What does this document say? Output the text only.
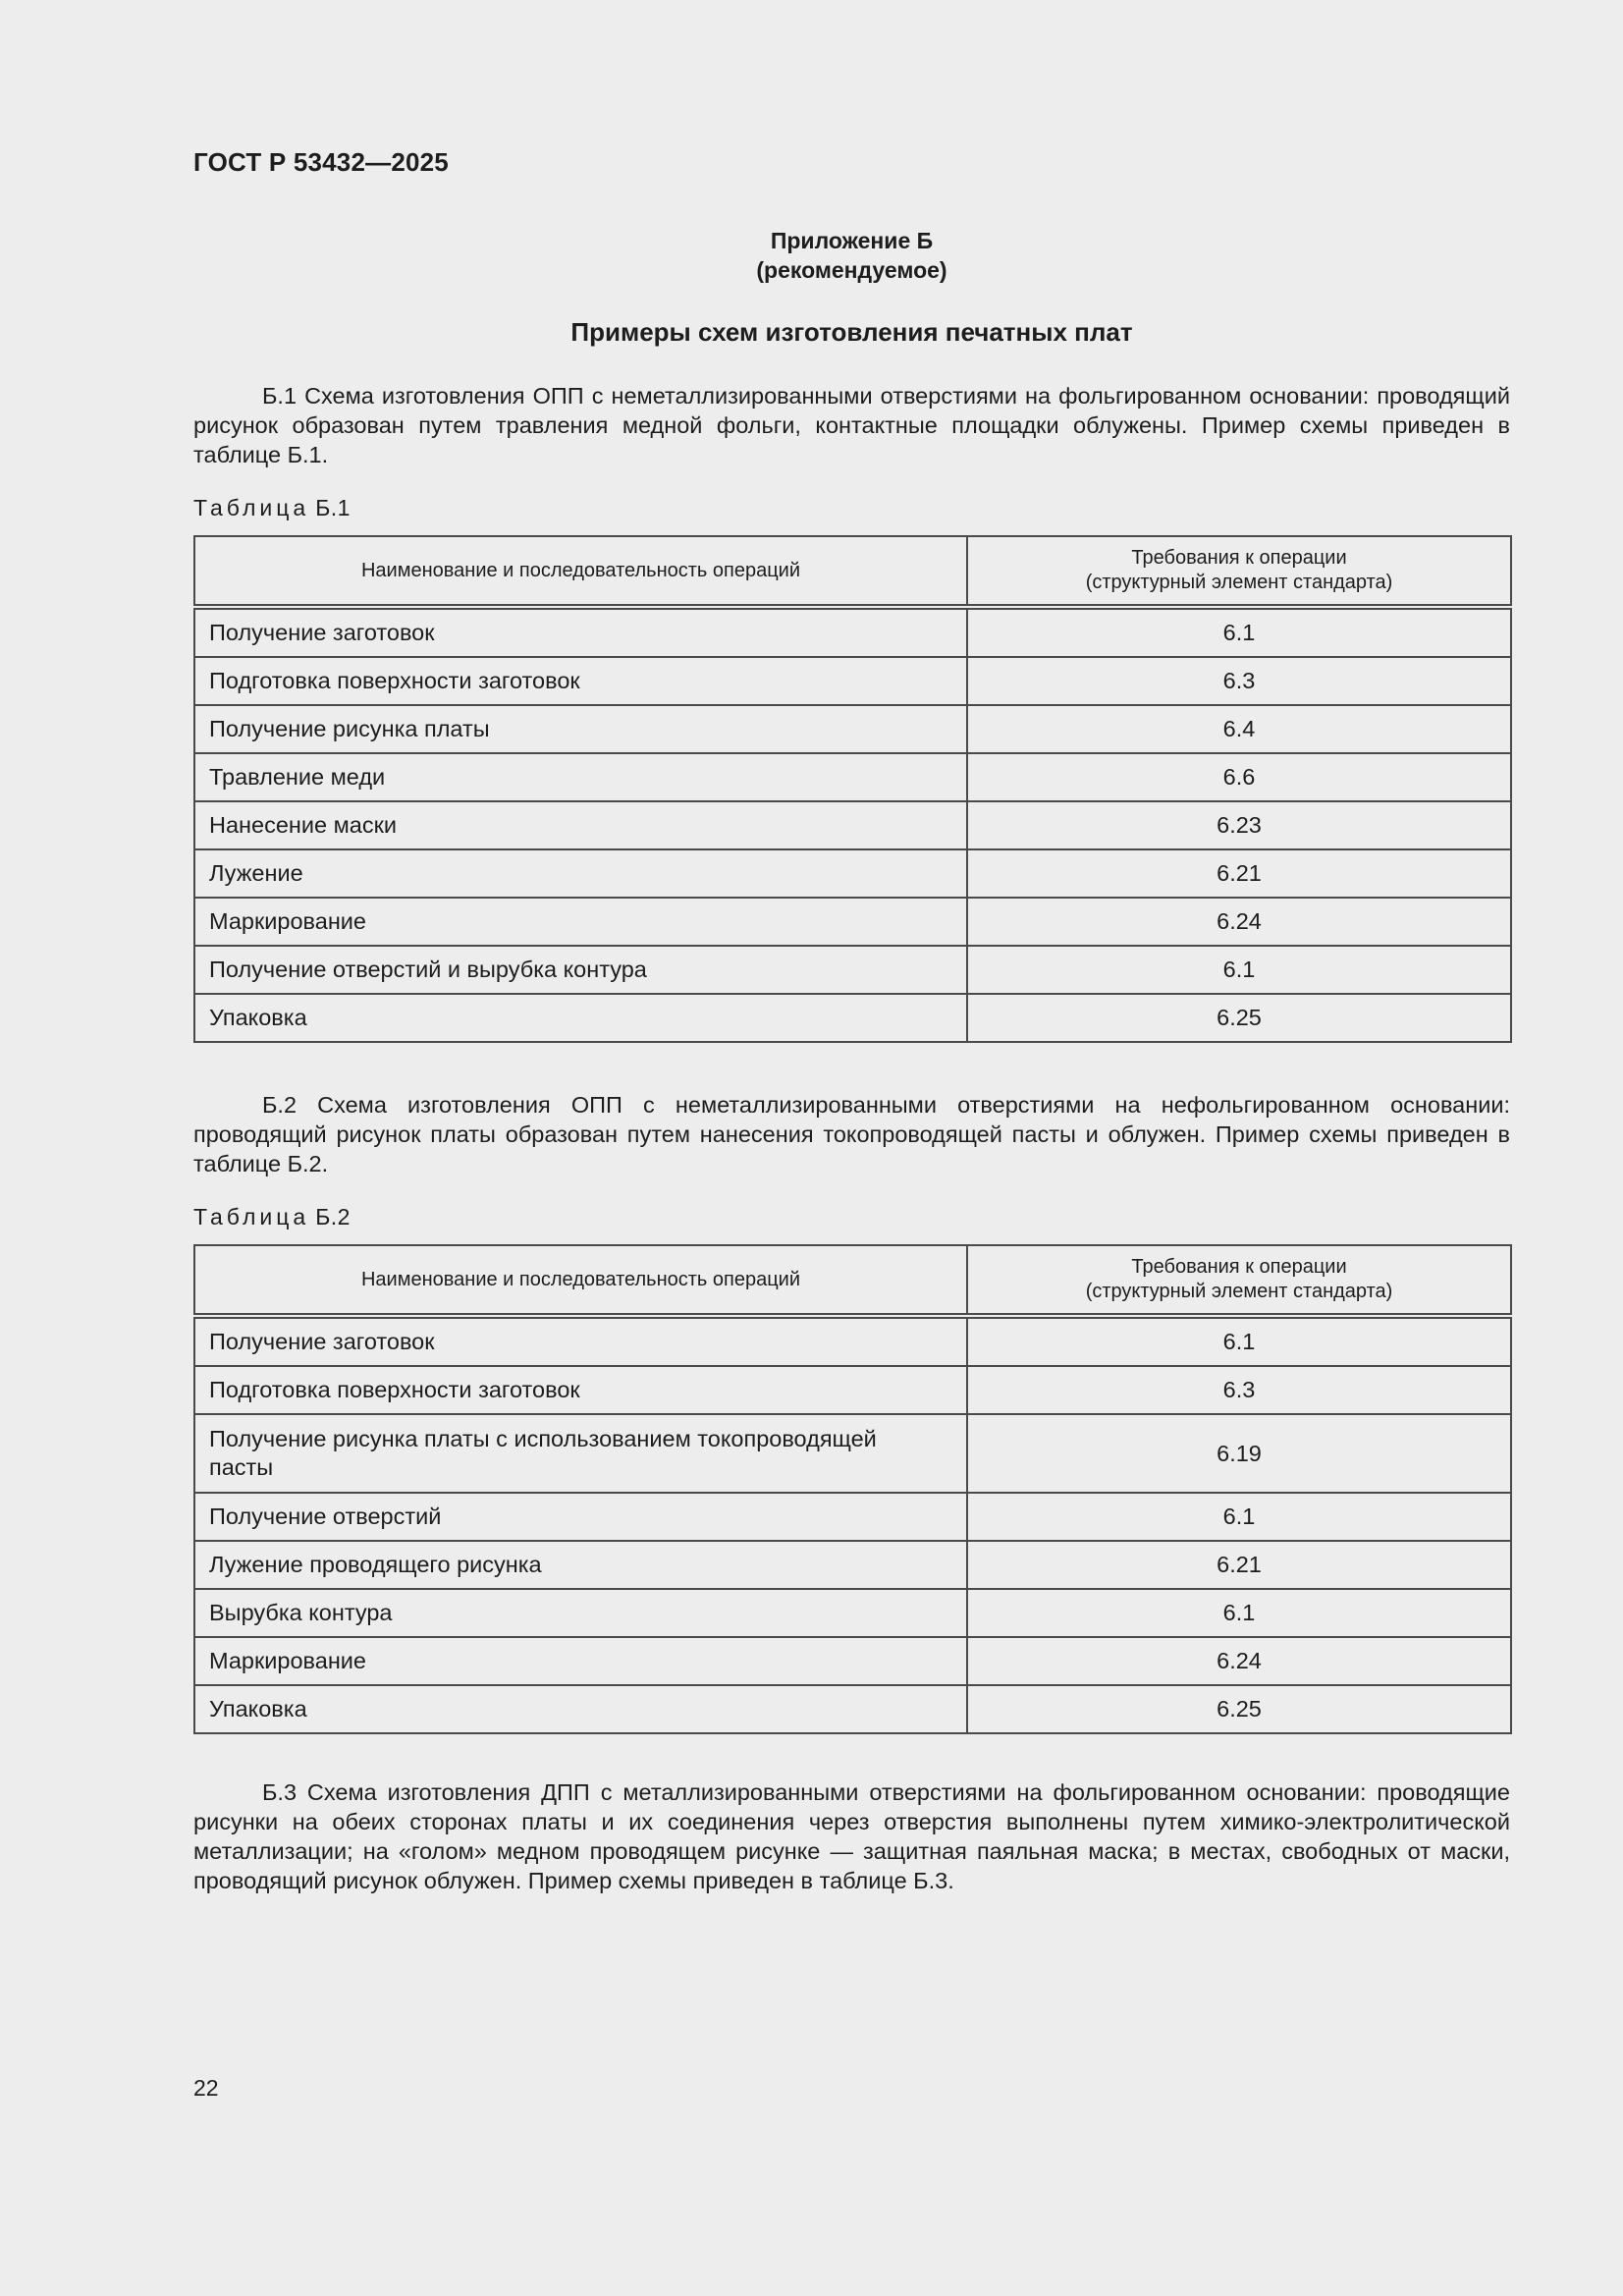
ГОСТ Р 53432—2025
Приложение Б
(рекомендуемое)
Примеры схем изготовления печатных плат
Б.1 Схема изготовления ОПП с неметаллизированными отверстиями на фольгированном основании: проводящий рисунок образован путем травления медной фольги, контактные площадки облужены. Пример схемы приведен в таблице Б.1.
Таблица Б.1
Наименование и последовательность операций	Требования к операции
(структурный элемент стандарта)

Получение заготовок	6.1
Подготовка поверхности заготовок	6.3
Получение рисунка платы	6.4
Травление меди	6.6
Нанесение маски	6.23
Лужение	6.21
Маркирование	6.24
Получение отверстий и вырубка контура	6.1
Упаковка	6.25
Б.2 Схема изготовления ОПП с неметаллизированными отверстиями на нефольгированном основании: проводящий рисунок платы образован путем нанесения токопроводящей пасты и облужен. Пример схемы приведен в таблице Б.2.
Таблица Б.2
Наименование и последовательность операций	Требования к операции
(структурный элемент стандарта)

Получение заготовок	6.1
Подготовка поверхности заготовок	6.3
Получение рисунка платы с использованием токопроводящей пасты	6.19
Получение отверстий	6.1
Лужение проводящего рисунка	6.21
Вырубка контура	6.1
Маркирование	6.24
Упаковка	6.25
Б.3 Схема изготовления ДПП с металлизированными отверстиями на фольгированном основании: проводящие рисунки на обеих сторонах платы и их соединения через отверстия выполнены путем химико-электролитической металлизации; на «голом» медном проводящем рисунке — защитная паяльная маска; в местах, свободных от маски, проводящий рисунок облужен. Пример схемы приведен в таблице Б.3.
22
